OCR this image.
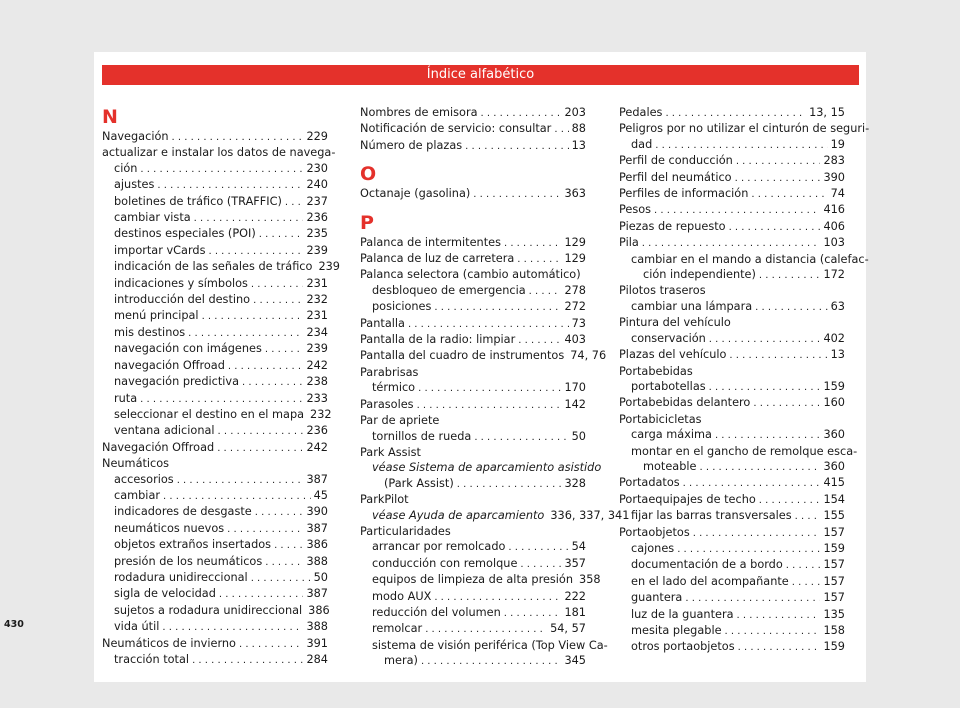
Índice alfabético
N
Navegación . . .	229
actualizar e instalar los datos de navega-
ción . . .	230
ajustes . . .	240
boletines de tráfico (TRAFFIC) . . . 237
cambiar vista . . .	236
destinos especiales (POI) . . .	235
importar vCards . . .	239
indicación de las señales de tráfico 239
indicaciones y símbolos . . .	231
introducción del destino . . .	232
menú principal . . .	231
mis destinos . . .	234
navegación con imágenes . . .	239
navegación Offroad . . .	242
navegación predictiva . . .	238
ruta . . .	233
seleccionar el destino en el mapa 232
ventana adicional . . .	236
Navegación Offroad . . .	242
Neumáticos
accesorios . . .	387
cambiar . . .	45
indicadores de desgaste . . .	390
neumáticos nuevos . . .	387
objetos extraños insertados . . .	386
presión de los neumáticos . . .	388
rodadura unidireccional . . .	50
sigla de velocidad . . .	387
sujetos a rodadura unidireccional 386
vida útil . . .	388
Neumáticos de invierno . . .	391
tracción total . . .	284
Nombres de emisora . . .	203
Notificación de servicio: consultar . . . 88
Número de plazas . . .	13
O
Octanaje (gasolina) . . .	363
P
Palanca de intermitentes . . .	129
Palanca de luz de carretera . . .	129
Palanca selectora (cambio automático)
desbloqueo de emergencia . . .	278
posiciones . . .	272
Pantalla . . .	73
Pantalla de la radio: limpiar . . .	403
Pantalla del cuadro de instrumentos 74, 76
Parabrisas
térmico . . .	170
Parasoles . . .	142
Par de apriete
tornillos de rueda . . .	50
Park Assist
véase Sistema de aparcamiento asistido
(Park Assist) . . .	328
ParkPilot
véase Ayuda de aparcamiento 336, 337, 341
Particularidades
arrancar por remolcado . . .	54
conducción con remolque . . .	357
equipos de limpieza de alta presión 358
modo AUX . . .	222
reducción del volumen . . .	181
remolcar . . .	54, 57
sistema de visión periférica (Top View Ca-
mera) . . .	345
Pedales . . .	13, 15
Peligros por no utilizar el cinturón de seguri-
dad . . .	19
Perfil de conducción . . .	283
Perfil del neumático . . .	390
Perfiles de información . . .	74
Pesos . . .	416
Piezas de repuesto . . .	406
Pila . . .	103
cambiar en el mando a distancia (calefac-
ción independiente) . . .	172
Pilotos traseros
cambiar una lámpara . . .	63
Pintura del vehículo
conservación . . .	402
Plazas del vehículo . . .	13
Portabebidas
portabotellas . . .	159
Portabebidas delantero . . .	160
Portabicicletas
carga máxima . . .	360
montar en el gancho de remolque esca-
moteable . . .	360
Portadatos . . .	415
Portaequipajes de techo . . .	154
fijar las barras transversales . . .	155
Portaobjetos . . .	157
cajones . . .	159
documentación de a bordo . . .	157
en el lado del acompañante . . .	157
guantera . . .	157
luz de la guantera . . .	135
mesita plegable . . .	158
otros portaobjetos . . .	159
430
